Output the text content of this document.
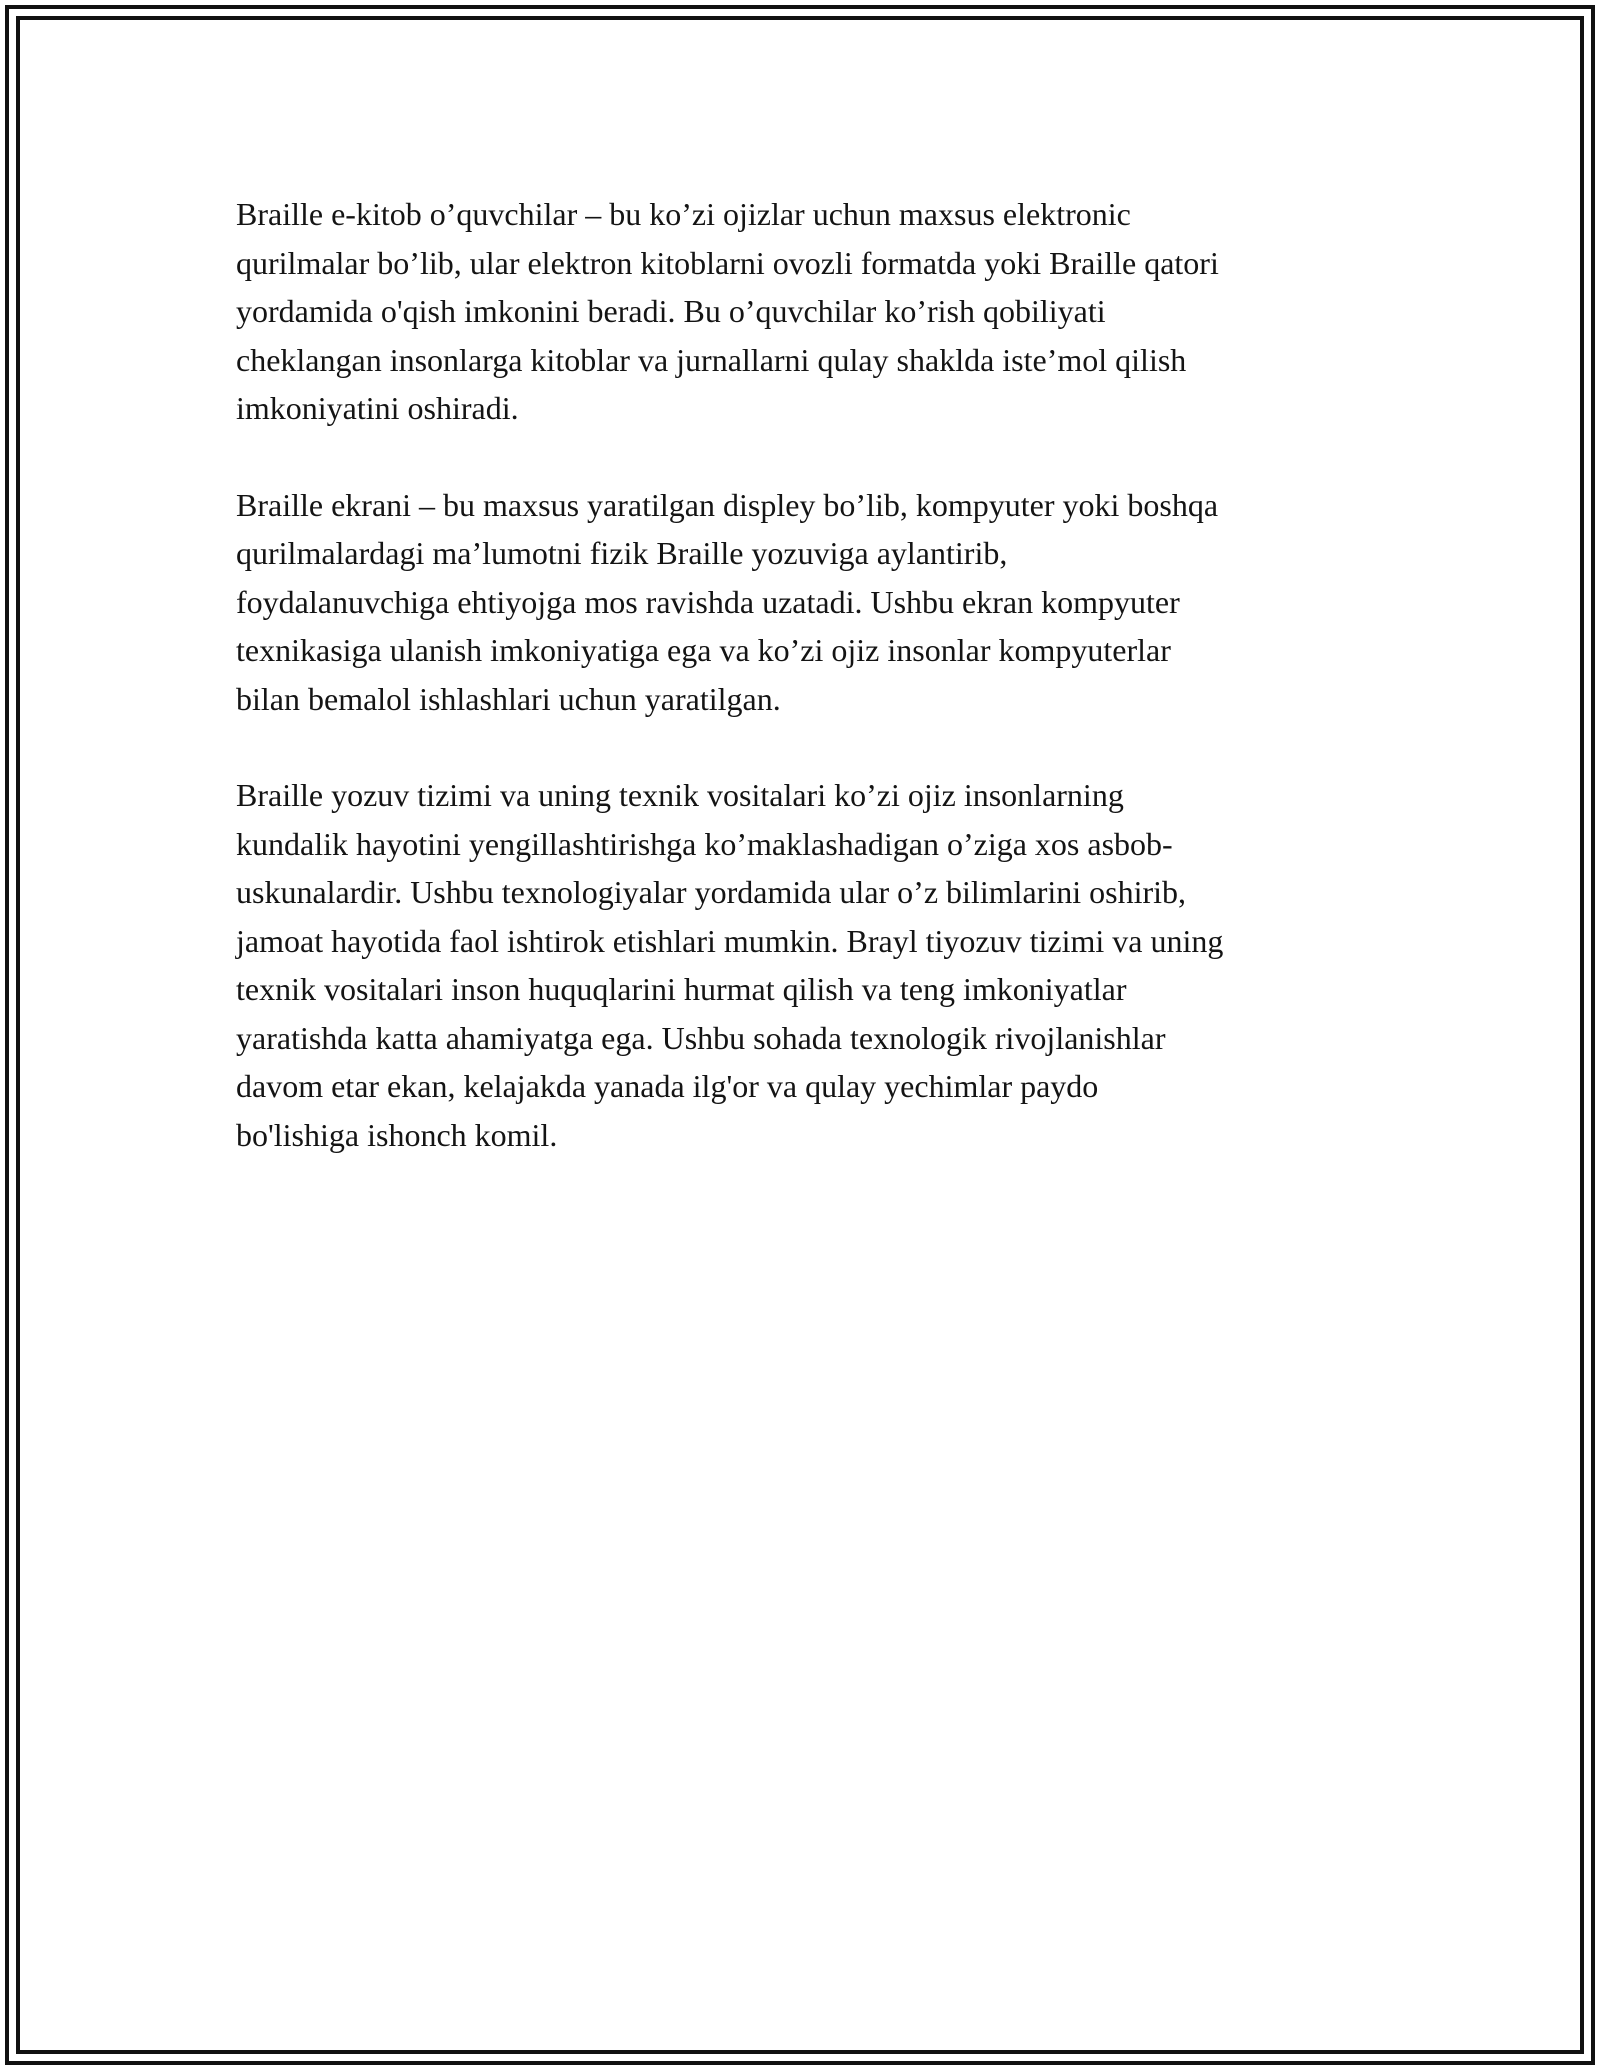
Braille e-kitob o’quvchilar – bu ko’zi ojizlar uchun maxsus elektronic
qurilmalar bo’lib, ular elektron kitoblarni ovozli formatda yoki Braille qatori
yordamida o'qish imkonini beradi. Bu o’quvchilar ko’rish qobiliyati
cheklangan insonlarga kitoblar va jurnallarni qulay shakldа iste’mol qilish
imkoniyatini oshiradi.

Braille ekrani – bu maxsus yaratilgan displey bo’lib, kompyuter yoki boshqa
qurilmalardagi ma’lumotni fizik Braille yozuviga aylantirib,
foydalanuvchiga ehtiyojga mos ravishda uzatadi. Ushbu ekran kompyuter
texnikasiga ulanish imkoniyatiga ega va ko’zi ojiz insonlar kompyuterlar
bilan bemalol ishlashlari uchun yaratilgan.

Braille yozuv tizimi va uning texnik vositalari ko’zi ojiz insonlarning
kundalik hayotini yengillashtirishga ko’maklashadigan o’ziga xos asbob-
uskunalardir. Ushbu texnologiyalar yordamida ular o’z bilimlarini oshirib,
jamoat hayotida faol ishtirok etishlari mumkin. Brayl tiyozuv tizimi va uning
texnik vositalari inson huquqlarini hurmat qilish va teng imkoniyatlar
yaratishda katta ahamiyatga ega. Ushbu sohada texnologik rivojlanishlar
davom etar ekan, kelajakda yanada ilg'or va qulay yechimlar paydo
bo'lishiga ishonch komil.
